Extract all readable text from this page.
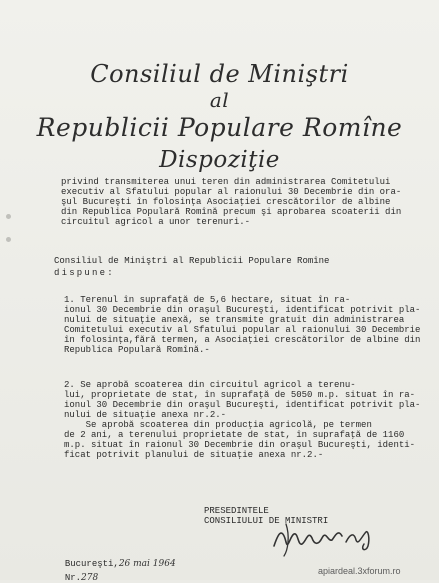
Consiliul de Miniştri
al
Republicii Populare Romîne
Dispoziţie
privind transmiterea unui teren din administrarea Comitetului
executiv al Sfatului popular al raionului 30 Decembrie din ora-
şul Bucureşti în folosinţa Asociaţiei crescătorilor de albine
din Republica Populară Romînă precum şi aprobarea scoaterii din
circuitul agricol a unor terenuri.-
Consiliul de Miniştri al Republicii Populare Romîne
dispune:
1. Terenul în suprafaţă de 5,6 hectare, situat în ra-
ionul 30 Decembrie din oraşul Bucureşti, identificat potrivit pla-
nului de situaţie anexă, se transmite gratuit din administrarea
Comitetului executiv al Sfatului popular al raionului 30 Decembrie
în folosinţa,fără termen, a Asociaţiei crescătorilor de albine din
Republica Populară Romînă.-
2. Se aprobă scoaterea din circuitul agricol a terenu-
lui, proprietate de stat, în suprafaţă de 5050 m.p. situat în ra-
ionul 30 Decembrie din oraşul Bucureşti, identificat potrivit pla-
nului de situaţie anexa nr.2.-
Se aprobă scoaterea din producţia agricolă, pe termen
de 2 ani, a terenului proprietate de stat, în suprafaţă de 1160
m.p. situat în raionul 30 Decembrie din oraşul Bucureşti, identi-
ficat potrivit planului de situaţie anexa nr.2.-
PRESEDINTELE
CONSILIULUI DE MINISTRI

Bucureşti,26 mai 1964

Nr.278

apiardeal.3xforum.ro
